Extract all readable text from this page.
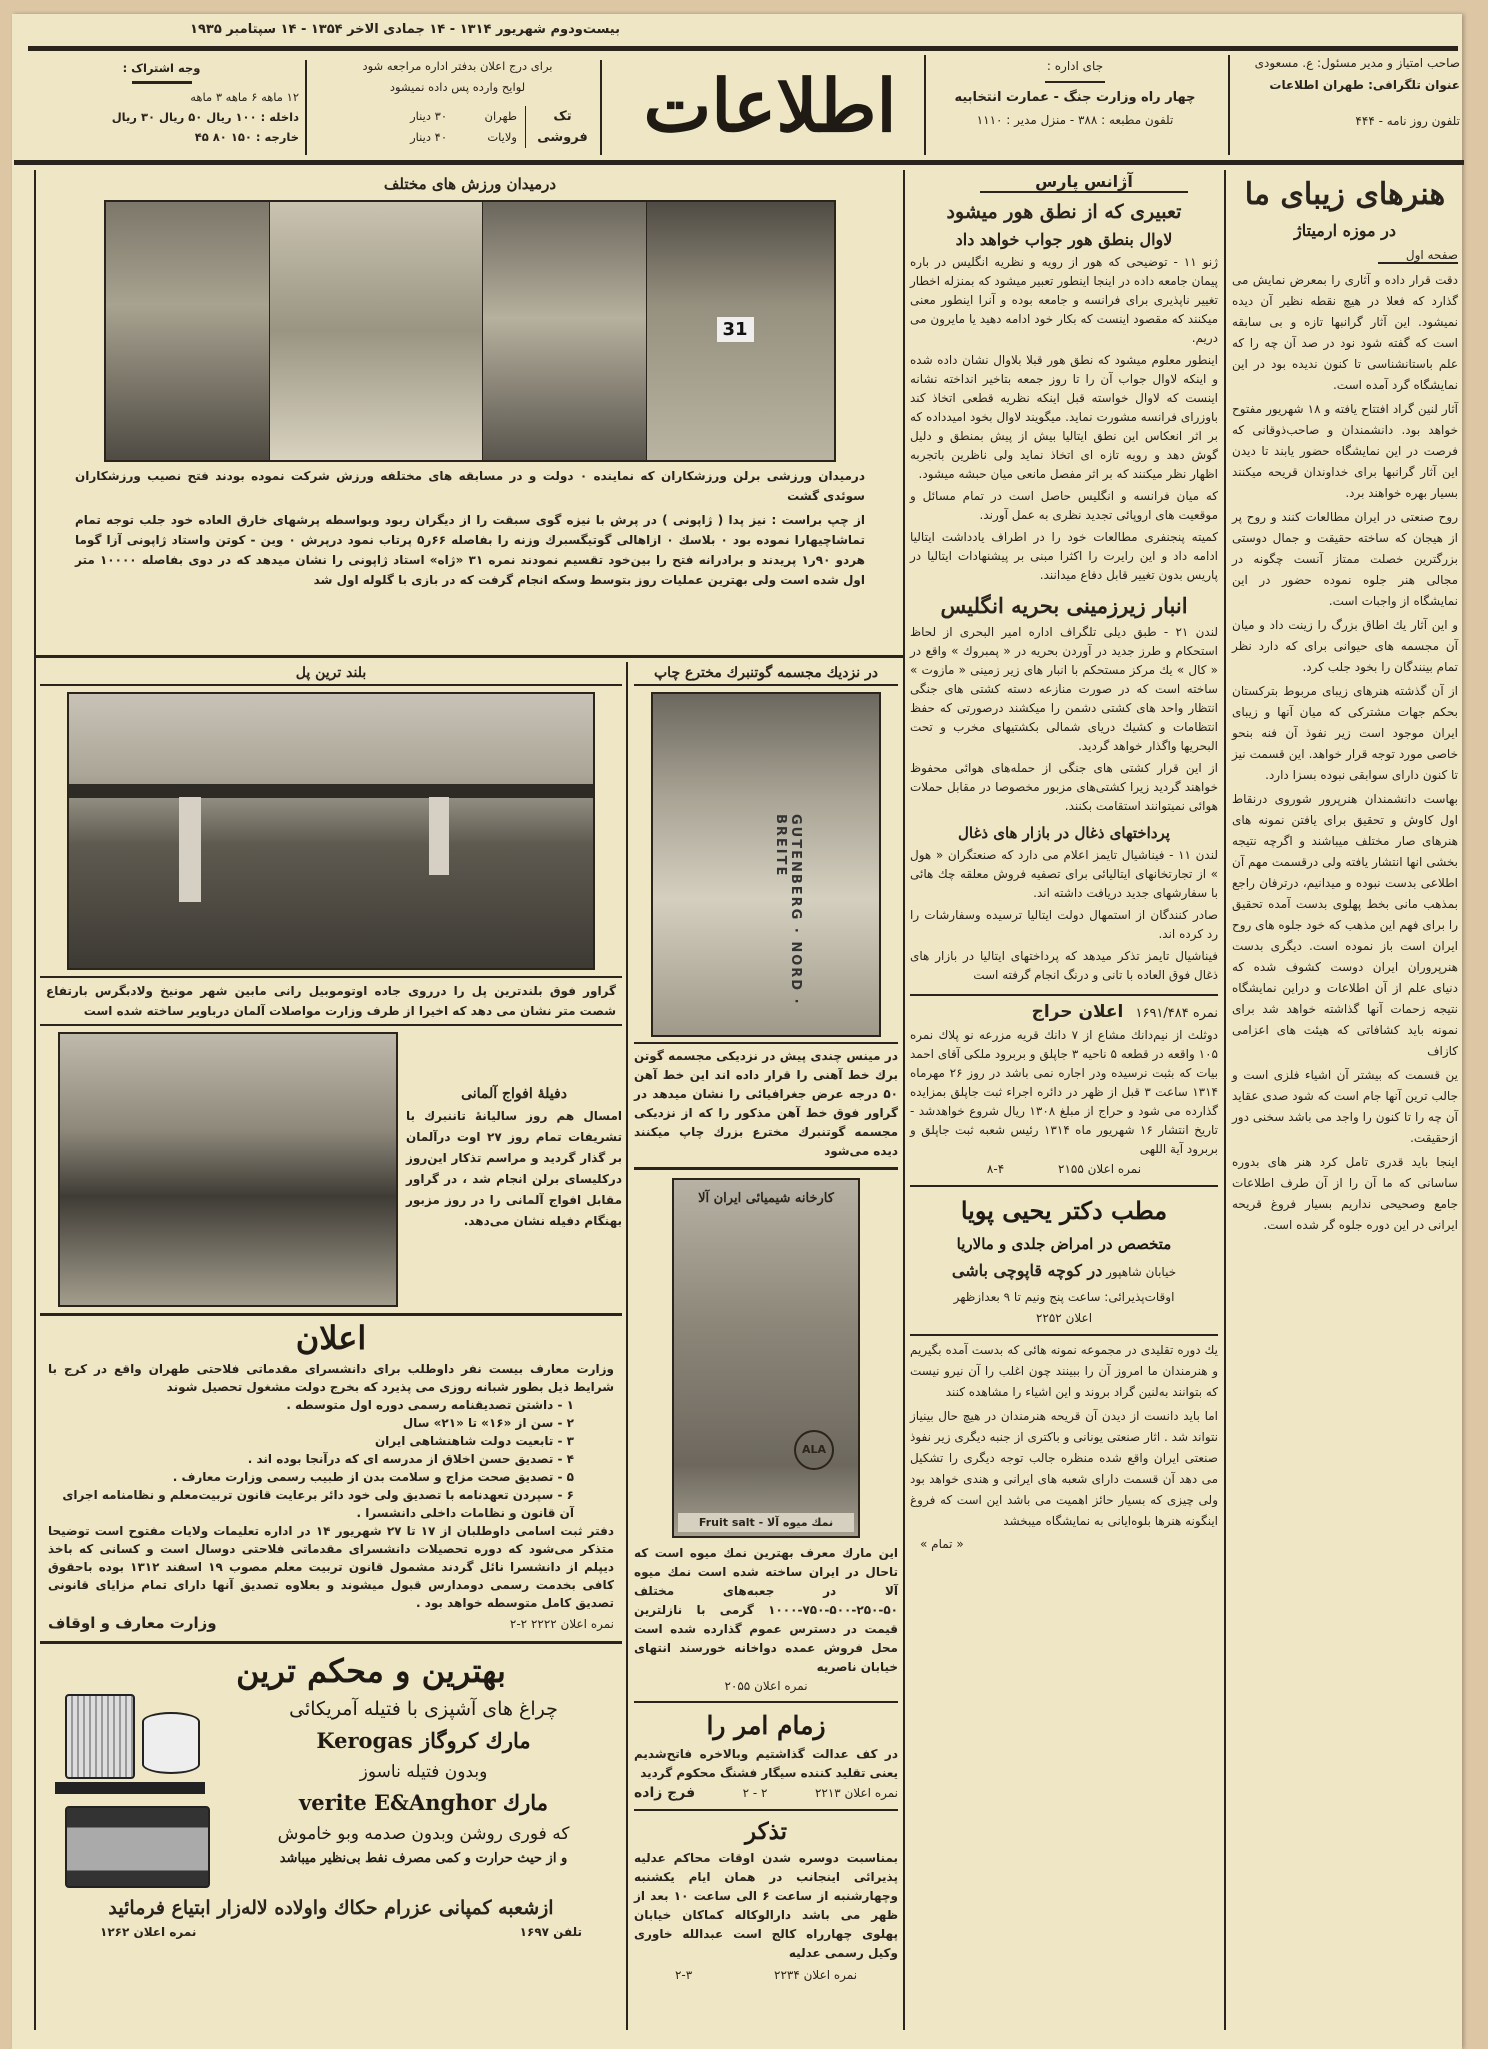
بیست‌ودوم شهریور ۱۳۱۴ - ۱۴ جمادی الاخر ۱۳۵۴ - ۱۴ سپتامبر ۱۹۳۵
صاحب امتیاز و مدیر مسئول: ع. مسعودی
عنوان تلگرافی: طهران اطلاعات
تلفون روز نامه - ۴۴۴
جای اداره :
چهار راه وزارت جنگ - عمارت انتخابیه
تلفون مطبعه : ۳۸۸ - منزل مدیر : ۱۱۱۰
اطلاعات
برای درج اعلان بدفتر اداره مراجعه شود
لوایح وارده پس داده نمیشود
تک فروشی
طهران۳۰ دینار
ولایات۴۰ دینار
وجه اشتراک :
۱۲ ماهه ۶ ماهه ۳ ماهه
داخله : ۱۰۰ ریال ۵۰ ریال ۳۰ ریال
خارجه : ۱۵۰ ۸۰ ۴۵
هنرهای زیبای ما
در موزه ارمیتاژ
صفحه اول

دقت قرار داده و آثاری را بمعرض نمایش می گذارد که فعلا در هیچ نقطه نظیر آن دیده نمیشود. این آثار گرانبها تازه و بی سابقه است که گفته شود نود در صد آن چه را که علم باستانشناسی تا کنون ندیده بود در این نمایشگاه گرد آمده است.

آثار لنین گراد افتتاح یافته و ۱۸ شهریور مفتوح خواهد بود. دانشمندان و صاحب‌ذوقانی که فرصت در این نمایشگاه حضور یابند تا دیدن این آثار گرانبها برای خداوندان قریحه میکنند بسیار بهره خواهند برد.

روح صنعتی در ایران مطالعات کنند و روح پر از هیجان که ساخته حقیقت و جمال دوستی بزرگترین خصلت ممتاز آنست چگونه در مجالی هنر جلوه نموده حضور در این نمایشگاه از واجبات است.

و این آثار یك اطاق بزرگ را زینت داد و میان آن مجسمه های حیوانی برای که دارد نظر تمام بینندگان را بخود جلب کرد.

از آن گذشته هنرهای زیبای مربوط بترکستان بحکم جهات مشترکی که میان آنها و زیبای ایران موجود است زیر نفوذ آن فنه بنحو خاصی مورد توجه قرار خواهد. این قسمت نیز تا کنون دارای سوابقی نبوده بسزا دارد.

بهاست دانشمندان هنرپرور شوروی درنقاط اول کاوش و تحقیق برای یافتن نمونه های هنرهای صار مختلف میباشند و اگرچه نتیجه بخشی انها انتشار یافته ولی درقسمت مهم آن اطلاعی بدست نبوده و میدانیم، درترفان راجع بمذهب مانی بخط پهلوی بدست آمده تحقیق را برای فهم این مذهب که خود جلوه های روح ایران است باز نموده است. دیگری بدست هنرپروران ایران دوست کشوف شده که دنیای علم از آن اطلاعات و دراین نمایشگاه نتیجه زحمات آنها گذاشته خواهد شد برای نمونه باید کشافاتی که هیئت های اعزامی کازاف

ین قسمت که بیشتر آن اشیاء فلزی است و جالب ترین آنها جام است که شود صدی عقاید آن چه را تا کنون را واجد می باشد سخنی دور ازحقیقت.

اینجا باید قدری تامل کرد هنر های بدوره ساسانی که ما آن را از آن طرف اطلاعات جامع وصحیحی نداریم بسیار فروغ قریحه ایرانی در این دوره جلوه گر شده است.

آژانس پارس
تعبیری که از نطق هور میشود
لاوال بنطق هور جواب خواهد داد

ژنو ۱۱ - توضیحی که هور از رویه و نظریه انگلیس در باره پیمان جامعه داده در اینجا اینطور تعبیر میشود که بمنزله اخطار تغییر ناپذیری برای فرانسه و جامعه بوده و آنرا اینطور معنی میکنند که مقصود اینست که بکار خود ادامه دهید یا مایرون می دریم.

اینطور معلوم میشود که نطق هور قبلا بلاوال نشان داده شده و اینکه لاوال جواب آن را تا روز جمعه بتاخیر انداخته نشانه اینست که لاوال خواسته قبل اینکه نظریه قطعی اتخاذ کند باوزرای فرانسه مشورت نماید. میگویند لاوال بخود امیدداده که بر اثر انعکاس این نطق ایتالیا بیش از پیش بمنطق و دلیل گوش دهد و رویه تازه ای اتخاذ نماید ولی ناظرین باتجربه اظهار نظر میکنند که بر اثر مفصل مانعی میان حبشه میشود.

که میان فرانسه و انگلیس حاصل است در تمام مسائل و موقعیت های اروپائی تجدید نظری به عمل آورند.

کمیته پنجنفری مطالعات خود را در اطراف یادداشت ایتالیا ادامه داد و این رایرت را اکثرا مبنی بر پیشنهادات ایتالیا در پاریس بدون تغییر قابل دفاع میدانند.

انبار زیرزمینی بحریه انگلیس

لندن ۲۱ - طبق دیلی تلگراف اداره امیر البحری از لحاظ استحکام و طرز جدید در آوردن بحریه در « پمبروك » واقع در « کال » یك مرکز مستحکم با انبار های زیر زمینی « مازوت » ساخته است که در صورت منازعه دسته کشتی های جنگی انتظار واحد های کشتی دشمن را میکشند درصورتی که حفظ انتظامات و کشیك دریای شمالی بکشتیهای مخرب و تحت البحریها واگذار خواهد گردید.

از این قرار کشتی های جنگی از حمله‌های هوائی محفوظ خواهند گردید زیرا کشتی‌های مزبور مخصوصا در مقابل حملات هوائی نمیتوانند استقامت بکنند.

پرداختهای ذغال در بازار های ذغال

لندن ۱۱ - فیناشیال تایمز اعلام می دارد که صنعتگران « هول » از تجارتخانهای ایتالیائی برای تصفیه فروش معلقه چك هائی با سفارشهای جدید دریافت داشته اند.

صادر کنندگان از استمهال دولت ایتالیا ترسیده وسفارشات را رد کرده اند.

فیناشیال تایمز تذکر میدهد که پرداختهای ایتالیا در بازار های ذغال فوق العاده با تانی و درنگ انجام گرفته است

نمره ۱۶۹۱/۴۸۴ اعلان حراج
دوثلث از نیم‌دانك مشاع از ۷ دانك قریه مزرعه نو پلاك نمره ۱۰۵ واقعه در قطعه ۵ ناحیه ۳ جاپلق و بربرود ملکی آقای احمد بیات که بثبت نرسیده ودر اجاره نمی باشد در روز ۲۶ مهرماه ۱۳۱۴ ساعت ۳ قبل از ظهر در دائره اجراء ثبت جاپلق بمزایده گذارده می شود و حراج از مبلغ ۱۳۰۸ ریال شروع خواهدشد - تاریخ انتشار ۱۶ شهریور ماه ۱۳۱۴ رئیس شعبه ثبت جاپلق و بربرود آیة اللهی
نمره اعلان ۲۱۵۵ ۴-۸
مطب دکتر یحیی پویا
متخصص در امراض جلدی و مالاریا
خیابان شاهپور در کوچه قاپوچی باشی
اوقات‌پذیرائی: ساعت پنج ونیم تا ۹ بعدازظهر
اعلان ۲۲۵۲

یك دوره تقلیدی در مجموعه نمونه هائی که بدست آمده بگیریم و هنرمندان ما امروز آن را ببینند چون اغلب‌ را آن نیرو نیست که بتوانند به‌لنین گراد بروند و این اشیاء را مشاهده کنند

اما باید دانست از دیدن آن قریحه هنرمندان در هیچ حال بینیاز نتواند شد . اثار صنعتی یونانی و باکتری از جنبه دیگری زیر نفوذ صنعتی ایران واقع شده منظره جالب توجه دیگری را تشکیل می دهد آن قسمت دارای شعبه های ایرانی و هندی خواهد بود ولی چیزی که بسیار حائز اهمیت می باشد این است که فروغ اینگونه هنرها بلوه‌ایانی به نمایشگاه میبخشد

« تمام »
درمیدان ورزش های مختلف
31
درمیدان ورزشی برلن ورزشکاران که نماینده ۰ دولت و در مسابقه های مختلفه ورزش شرکت نموده بودند فتح نصیب ورزشکاران سوئدی گشت
از چپ براست : نیز پدا ( ژاپونی ) در پرش با نیزه گوی سبقت را از دیگران ربود وبواسطه پرشهای خارق العاده خود جلب توجه تمام تماشاچیهارا نموده بود ۰ بلاسك ۰ ازاهالی گوتیگسبرك وزنه را بفاصله ۶۶ر۵ پرتاب نمود درپرش ۰ وین - کوتن واستاد ژاپونی آزا گوما هردو ۹۰ر۱ پریدند و برادرانه فتح را بین‌خود تقسیم نمودند نمره ۳۱ «ژاه» استاد ژاپونی را نشان میدهد که در دوی بفاصله ۱۰۰۰۰ متر اول شده است ولی بهترین عملیات روز بتوسط وسکه انجام گرفت که در بازی با گلوله اول شد
بلند ترین پل
گراور فوق بلندترین پل را درروی جاده اوتوموبیل رانی مابین شهر مونیخ ولادبگرس بارتفاع شصت متر نشان می دهد که اخیرا از طرف وزارت مواصلات آلمان درباویر ساخته شده است
دفیلهٔ افواج آلمانی
امسال هم روز سالیانهٔ تاننبرك با تشریفات تمام روز ۲۷ اوت درآلمان بر گذار گردید و مراسم تذکار این‌روز درکلیسای برلن انجام شد ، در گراور مقابل افواج آلمانی را در روز مزبور بهنگام دفیله نشان می‌دهد.
اعلان
وزارت معارف بیست نفر داوطلب برای دانشسرای مقدماتی فلاحتی طهران واقع در کرج با شرایط ذیل بطور شبانه روزی می پذیرد که بخرج دولت مشغول تحصیل شوند
۱ - داشتن تصدیقنامه رسمی دوره اول متوسطه .
۲ - سن از «۱۶» تا «۲۱» سال
۳ - تابعیت دولت شاهنشاهی ایران
۴ - تصدیق حسن اخلاق از مدرسه ای که درآنجا بوده اند .
۵ - تصدیق صحت مزاج و سلامت بدن از طبیب رسمی وزارت معارف .
۶ - سپردن تعهدنامه با تصدیق ولی خود دائر برعایت قانون تربیت‌معلم و نظامنامه اجرای آن قانون و نظامات داخلی دانشسرا .
دفتر ثبت اسامی داوطلبان از ۱۷ تا ۲۷ شهریور ۱۴ در اداره تعلیمات ولایات مفتوح است توضیحا متذکر می‌شود که دوره تحصیلات دانشسرای مقدماتی فلاحتی دوسال است و کسانی که باخذ دیپلم از دانشسرا نائل گردند مشمول قانون تربیت معلم مصوب ۱۹ اسفند ۱۳۱۲ بوده باحقوق کافی بخدمت رسمی دومدارس قبول میشوند و بعلاوه تصدیق آنها دارای تمام مزایای قانونی تصدیق کامل متوسطه خواهد بود .
نمره اعلان ۲۲۲۲ ۲-۲
وزارت معارف و اوقاف
بهترین و محکم ترین
چراغ های آشپزی با فتیله آمریکائی
مارك کروگاز Kerogas
وبدون فتیله ناسوز
مارك verite E&Anghor
که فوری روشن وبدون صدمه وبو خاموش
و از حیث حرارت و کمی مصرف نفط بی‌نظیر میباشد
ازشعبه کمپانی عزرام حکاك واولاده لاله‌زار ابتیاع فرمائید
تلفن ۱۶۹۷
نمره اعلان ۱۲۶۲
در نزدیك مجسمه گوتنبرك مخترع چاپ
GUTENBERG · NORD · BREITE
در مینس چندی پیش در نزدیکی مجسمه گوتن برك خط آهنی را قرار داده اند این خط آهن ۵۰ درجه عرض جغرافیائی را نشان میدهد در گراور فوق خط آهن مذکور را که از نزدیکی مجسمه گوتنبرك مخترع بزرك چاپ میکنند دیده می‌شود
کارخانه شیمیائی ایران آلا
ALA
Fruit salt - نمك میوه آلا
این مارك معرف بهترین نمك میوه است که تاحال در ایران ساخته شده است نمك میوه آلا در جعبه‌های مختلف ۵۰-۲۵۰-۵۰۰-۷۵۰-۱۰۰۰ گرمی با نازلترین قیمت در دسترس عموم گذارده شده است محل فروش عمده دواخانه خورسند انتهای خیابان ناصریه
نمره اعلان ۲۰۵۵
زمام امر را
در کف عدالت گذاشتیم وبالاخره فاتح‌شدیم یعنی تقلید کننده سیگار فشنگ محکوم گردید
نمره اعلان ۲۲۱۳
۲ - ۲
فرج زاده
تذکر
بمناسبت دوسره شدن اوقات محاکم عدلیه پذیرائی اینجانب در همان ایام یکشنبه وچهارشنبه از ساعت ۶ الی ساعت ۱۰ بعد از ظهر می باشد دارالوکاله کماکان خیابان پهلوی چهارراه کالج است عبدالله خاوری وکیل رسمی عدلیه
نمره اعلان ۲۲۳۴
۲-۳
